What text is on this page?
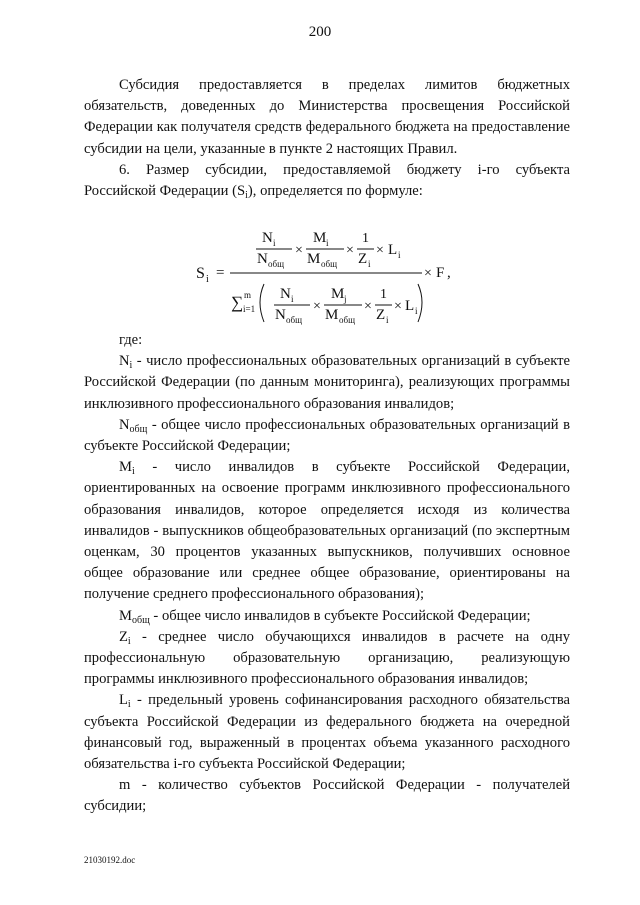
200

Субсидия предоставляется в пределах лимитов бюджетных обязательств, доведенных до Министерства просвещения Российской Федерации как получателя средств федерального бюджета на предоставление субсидии на цели, указанные в пункте 2 настоящих Правил.

6. Размер субсидии, предоставляемой бюджету i-го субъекта Российской Федерации $(S_i)$, определяется по формуле:

S i =
N i
N общ
×
M i
M общ
×
1
Z i
× L i
× F ,
∑ m
i=1
N i
N общ
×
M j
M общ
×
1
Z i
× L i

где:

$N_i$ - число профессиональных образовательных организаций в субъекте Российской Федерации (по данным мониторинга), реализующих программы инклюзивного профессионального образования инвалидов;

$N_{общ}$ - общее число профессиональных образовательных организаций в субъекте Российской Федерации;

$M_i$ - число инвалидов в субъекте Российской Федерации, ориентированных на освоение программ инклюзивного профессионального образования инвалидов, которое определяется исходя из количества инвалидов - выпускников общеобразовательных организаций (по экспертным оценкам, 30 процентов указанных выпускников, получивших основное общее образование или среднее общее образование, ориентированы на получение среднего профессионального образования);

$M_{общ}$ - общее число инвалидов в субъекте Российской Федерации;

$Z_i$ - среднее число обучающихся инвалидов в расчете на одну профессиональную образовательную организацию, реализующую программы инклюзивного профессионального образования инвалидов;

$L_i$ - предельный уровень софинансирования расходного обязательства субъекта Российской Федерации из федерального бюджета на очередной финансовый год, выраженный в процентах объема указанного расходного обязательства i-го субъекта Российской Федерации;

m - количество субъектов Российской Федерации - получателей субсидии;

21030192.doc
